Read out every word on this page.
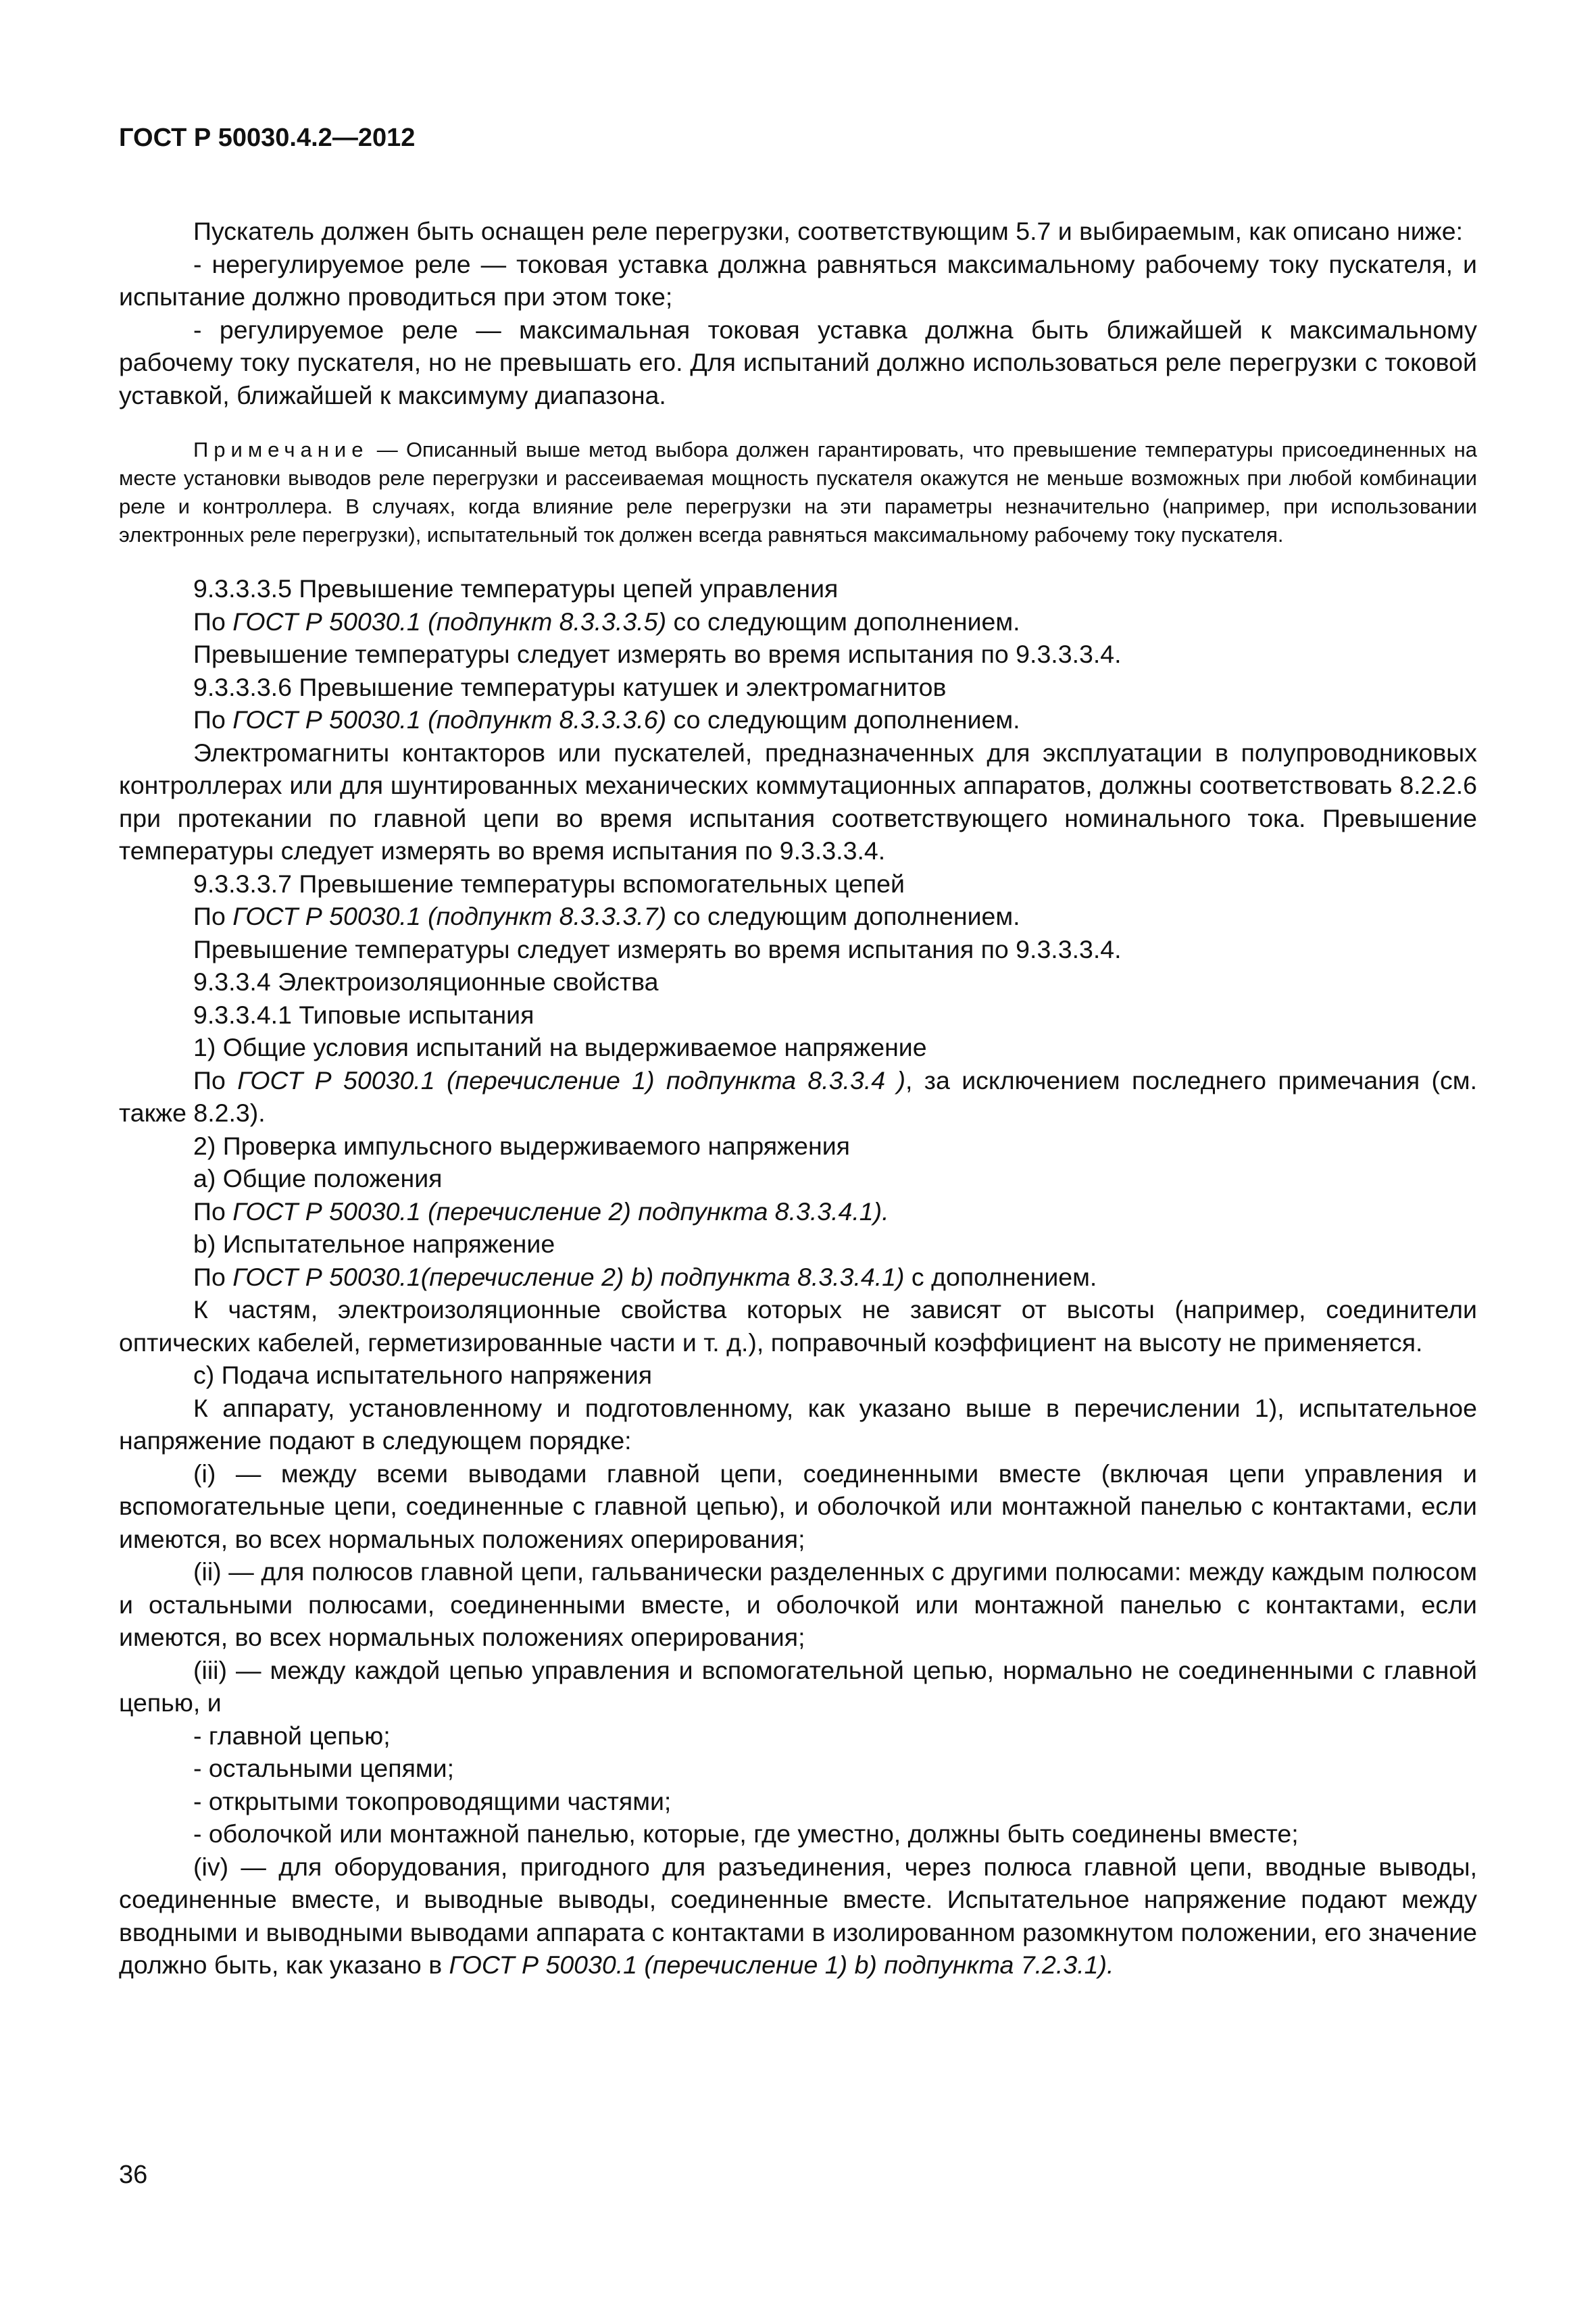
ГОСТ Р 50030.4.2—2012

Пускатель должен быть оснащен реле перегрузки, соответствующим 5.7 и выбираемым, как описано ниже:

- нерегулируемое реле — токовая уставка должна равняться максимальному рабочему току пускателя, и испытание должно проводиться при этом токе;

- регулируемое реле — максимальная токовая уставка должна быть ближайшей к максимальному рабочему току пускателя, но не превышать его. Для испытаний должно использоваться реле перегрузки с токовой уставкой, ближайшей к максимуму диапазона.

Примечание — Описанный выше метод выбора должен гарантировать, что превышение температуры присоединенных на месте установки выводов реле перегрузки и рассеиваемая мощность пускателя окажутся не меньше возможных при любой комбинации реле и контроллера. В случаях, когда влияние реле перегрузки на эти параметры незначительно (например, при использовании электронных реле перегрузки), испытательный ток должен всегда равняться максимальному рабочему току пускателя.

9.3.3.3.5 Превышение температуры цепей управления

По ГОСТ Р 50030.1 (подпункт 8.3.3.3.5) со следующим дополнением.

Превышение температуры следует измерять во время испытания по 9.3.3.3.4.

9.3.3.3.6 Превышение температуры катушек и электромагнитов

По ГОСТ Р 50030.1 (подпункт 8.3.3.3.6) со следующим дополнением.

Электромагниты контакторов или пускателей, предназначенных для эксплуатации в полупроводниковых контроллерах или для шунтированных механических коммутационных аппаратов, должны соответствовать 8.2.2.6 при протекании по главной цепи во время испытания соответствующего номинального тока. Превышение температуры следует измерять во время испытания по 9.3.3.3.4.

9.3.3.3.7 Превышение температуры вспомогательных цепей

По ГОСТ Р 50030.1 (подпункт 8.3.3.3.7) со следующим дополнением.

Превышение температуры следует измерять во время испытания по 9.3.3.3.4.

9.3.3.4 Электроизоляционные свойства

9.3.3.4.1 Типовые испытания

1) Общие условия испытаний на выдерживаемое напряжение

По ГОСТ Р 50030.1 (перечисление 1) подпункта 8.3.3.4 ), за исключением последнего примечания (см. также 8.2.3).

2) Проверка импульсного выдерживаемого напряжения

a) Общие положения

По ГОСТ Р 50030.1 (перечисление 2) подпункта 8.3.3.4.1).

b) Испытательное напряжение

По ГОСТ Р 50030.1(перечисление 2) b) подпункта 8.3.3.4.1) с дополнением.

К частям, электроизоляционные свойства которых не зависят от высоты (например, соединители оптических кабелей, герметизированные части и т. д.), поправочный коэффициент на высоту не применяется.

с) Подача испытательного напряжения

К аппарату, установленному и подготовленному, как указано выше в перечислении 1), испытательное напряжение подают в следующем порядке:

(i) — между всеми выводами главной цепи, соединенными вместе (включая цепи управления и вспомогательные цепи, соединенные с главной цепью), и оболочкой или монтажной панелью с контактами, если имеются, во всех нормальных положениях оперирования;

(ii) — для полюсов главной цепи, гальванически разделенных с другими полюсами: между каждым полюсом и остальными полюсами, соединенными вместе, и оболочкой или монтажной панелью с контактами, если имеются, во всех нормальных положениях оперирования;

(iii) — между каждой цепью управления и вспомогательной цепью, нормально не соединенными с главной цепью, и

- главной цепью;

- остальными цепями;

- открытыми токопроводящими частями;

- оболочкой или монтажной панелью, которые, где уместно, должны быть соединены вместе;

(iv) — для оборудования, пригодного для разъединения, через полюса главной цепи, вводные выводы, соединенные вместе, и выводные выводы, соединенные вместе. Испытательное напряжение подают между вводными и выводными выводами аппарата с контактами в изолированном разомкнутом положении, его значение должно быть, как указано в ГОСТ Р 50030.1 (перечисление 1) b) подпункта 7.2.3.1).

36
